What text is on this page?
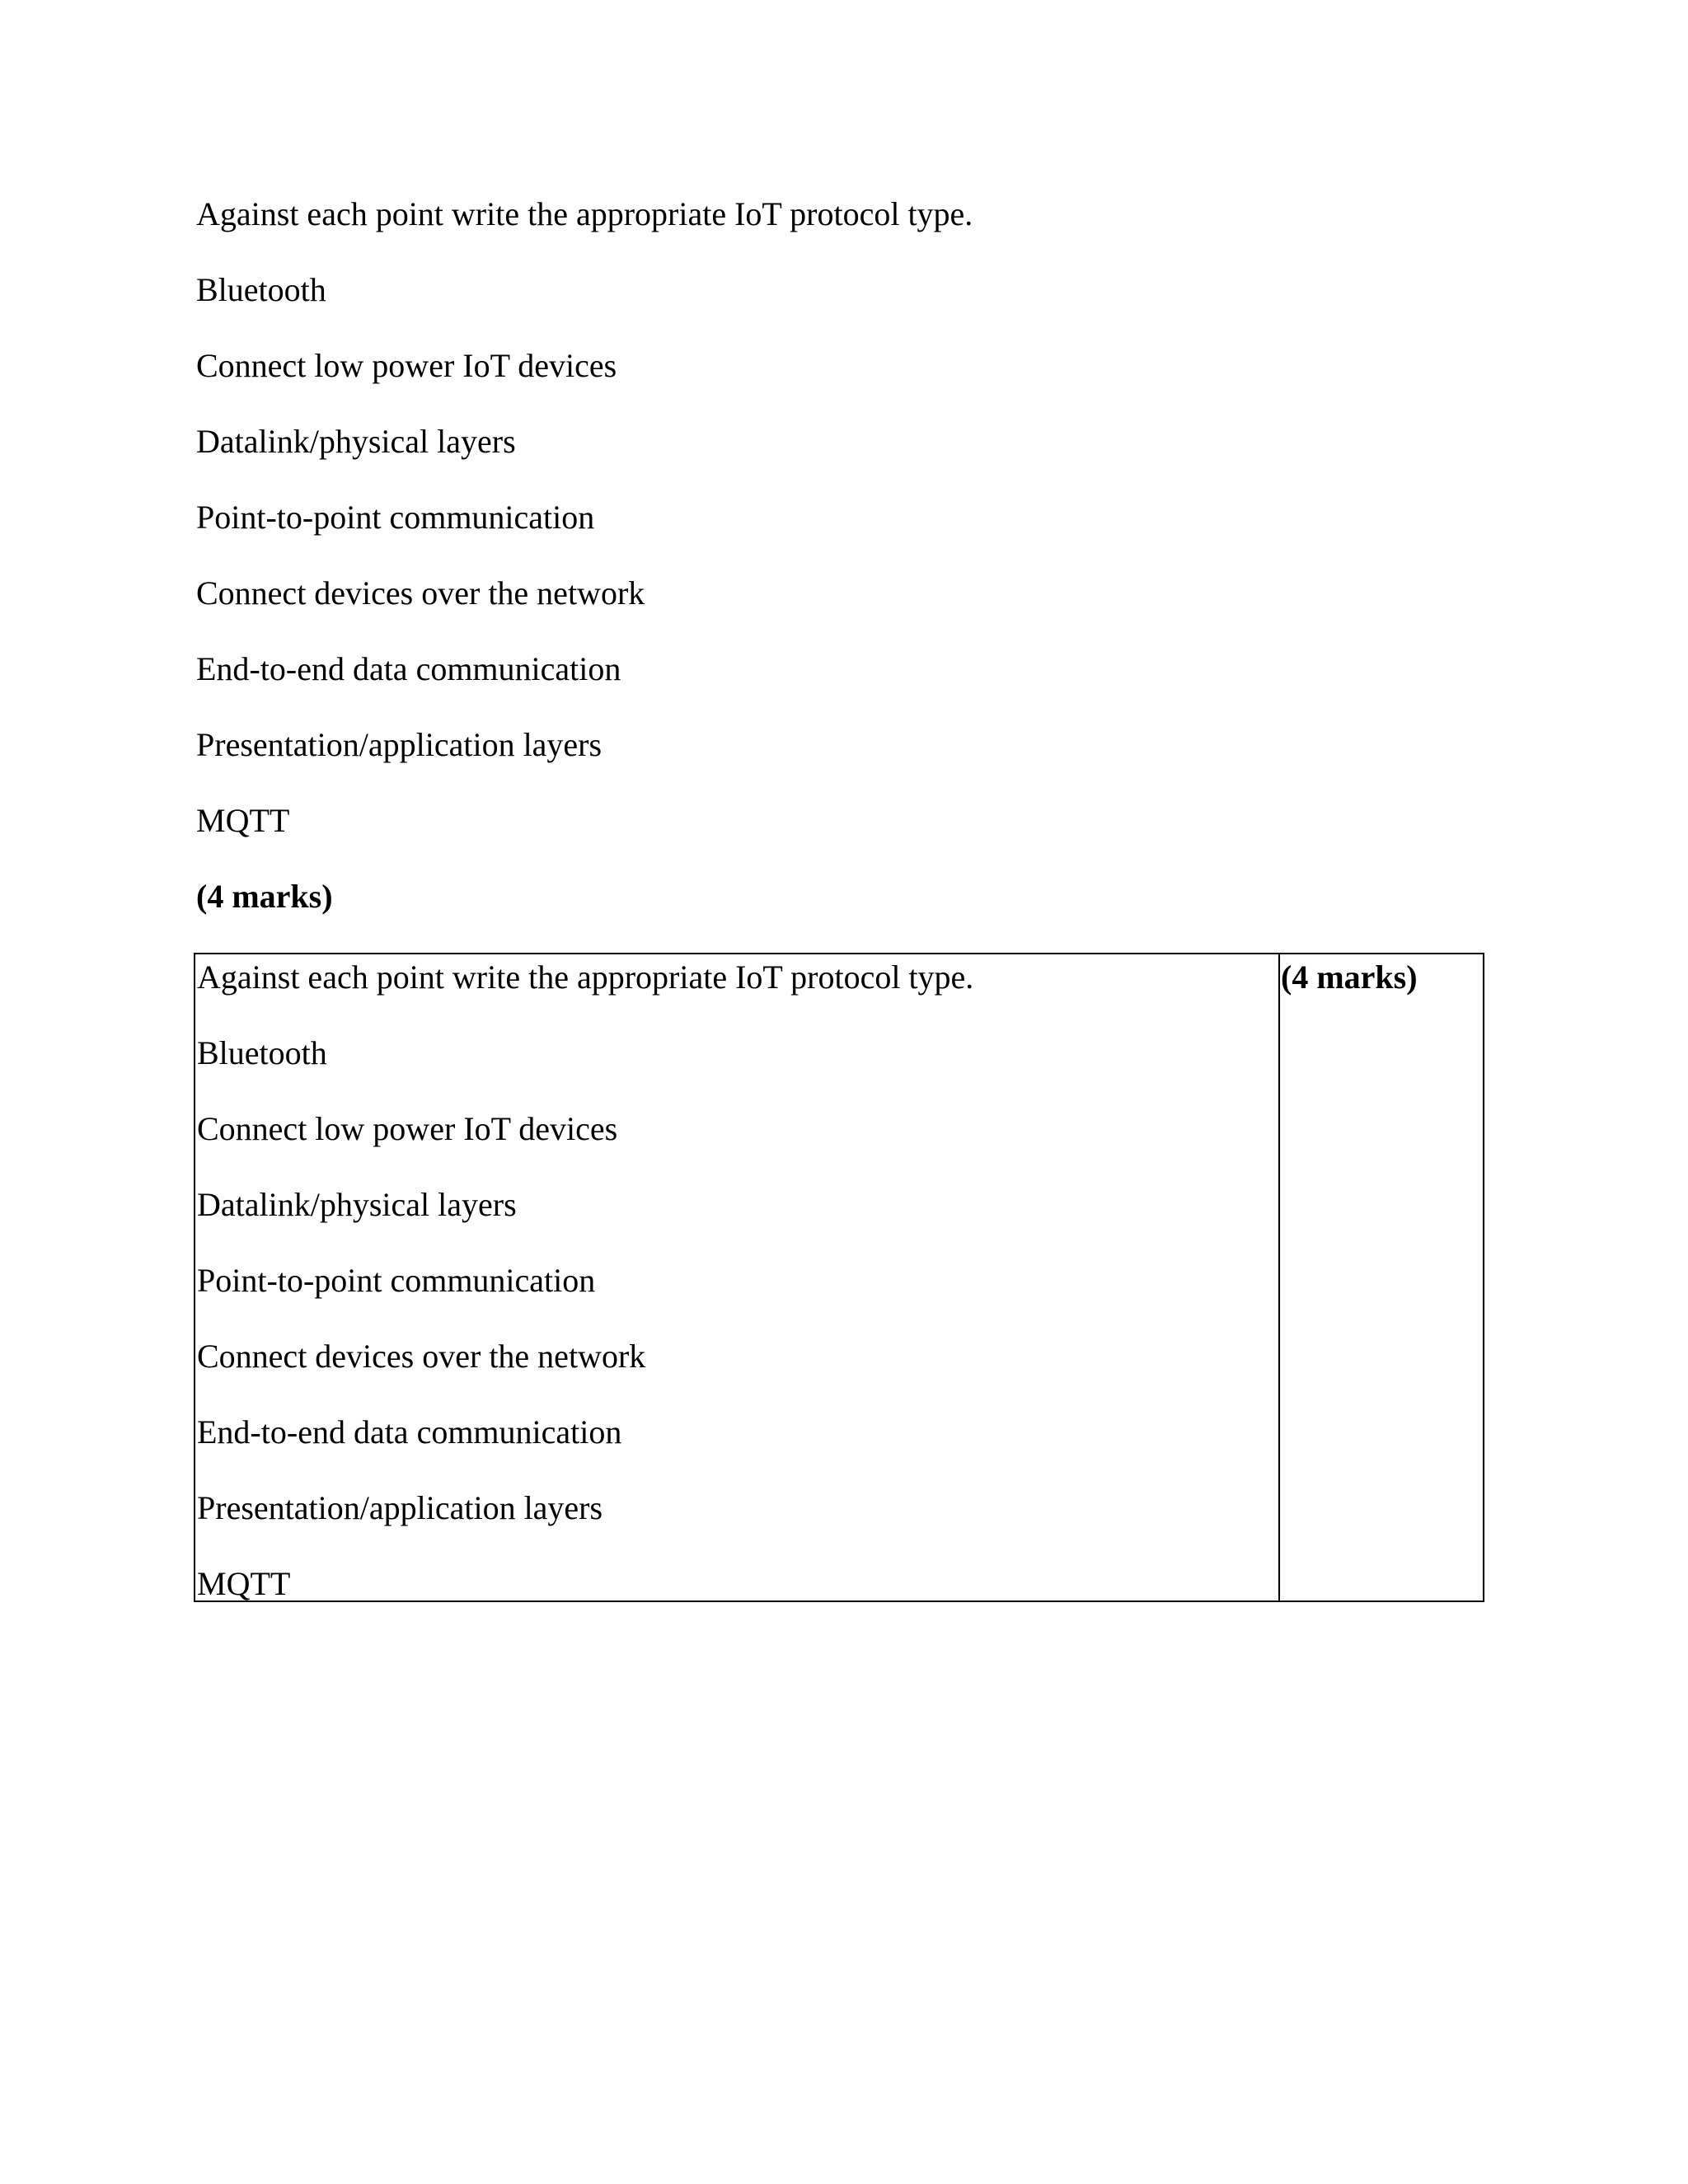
Against each point write the appropriate IoT protocol type.
Bluetooth
Connect low power IoT devices
Datalink/physical layers
Point-to-point communication
Connect devices over the network
End-to-end data communication
Presentation/application layers
MQTT
(4 marks)
Against each point write the appropriate IoT protocol type.
Bluetooth
Connect low power IoT devices
Datalink/physical layers
Point-to-point communication
Connect devices over the network
End-to-end data communication
Presentation/application layers
MQTT
(4 marks)
